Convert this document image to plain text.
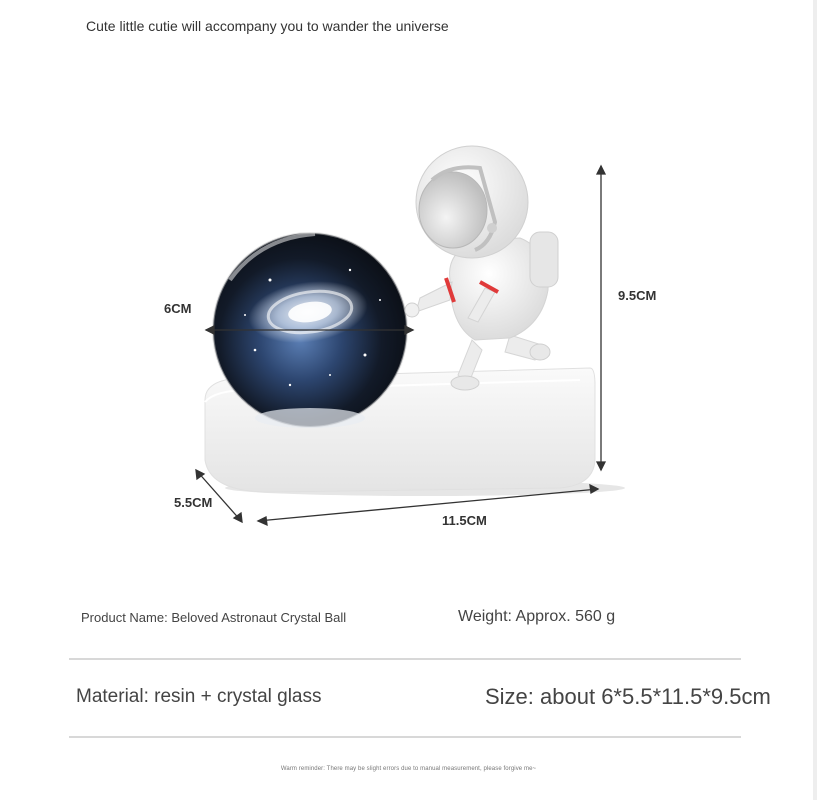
Cute little cutie will accompany you to wander the universe
6CM
9.5CM
5.5CM
11.5CM
Product Name: Beloved Astronaut Crystal Ball	Weight: Approx. 560 g
Material: resin + crystal glass	Size: about 6*5.5*11.5*9.5cm
Warm reminder: There may be slight errors due to manual measurement, please forgive me~
